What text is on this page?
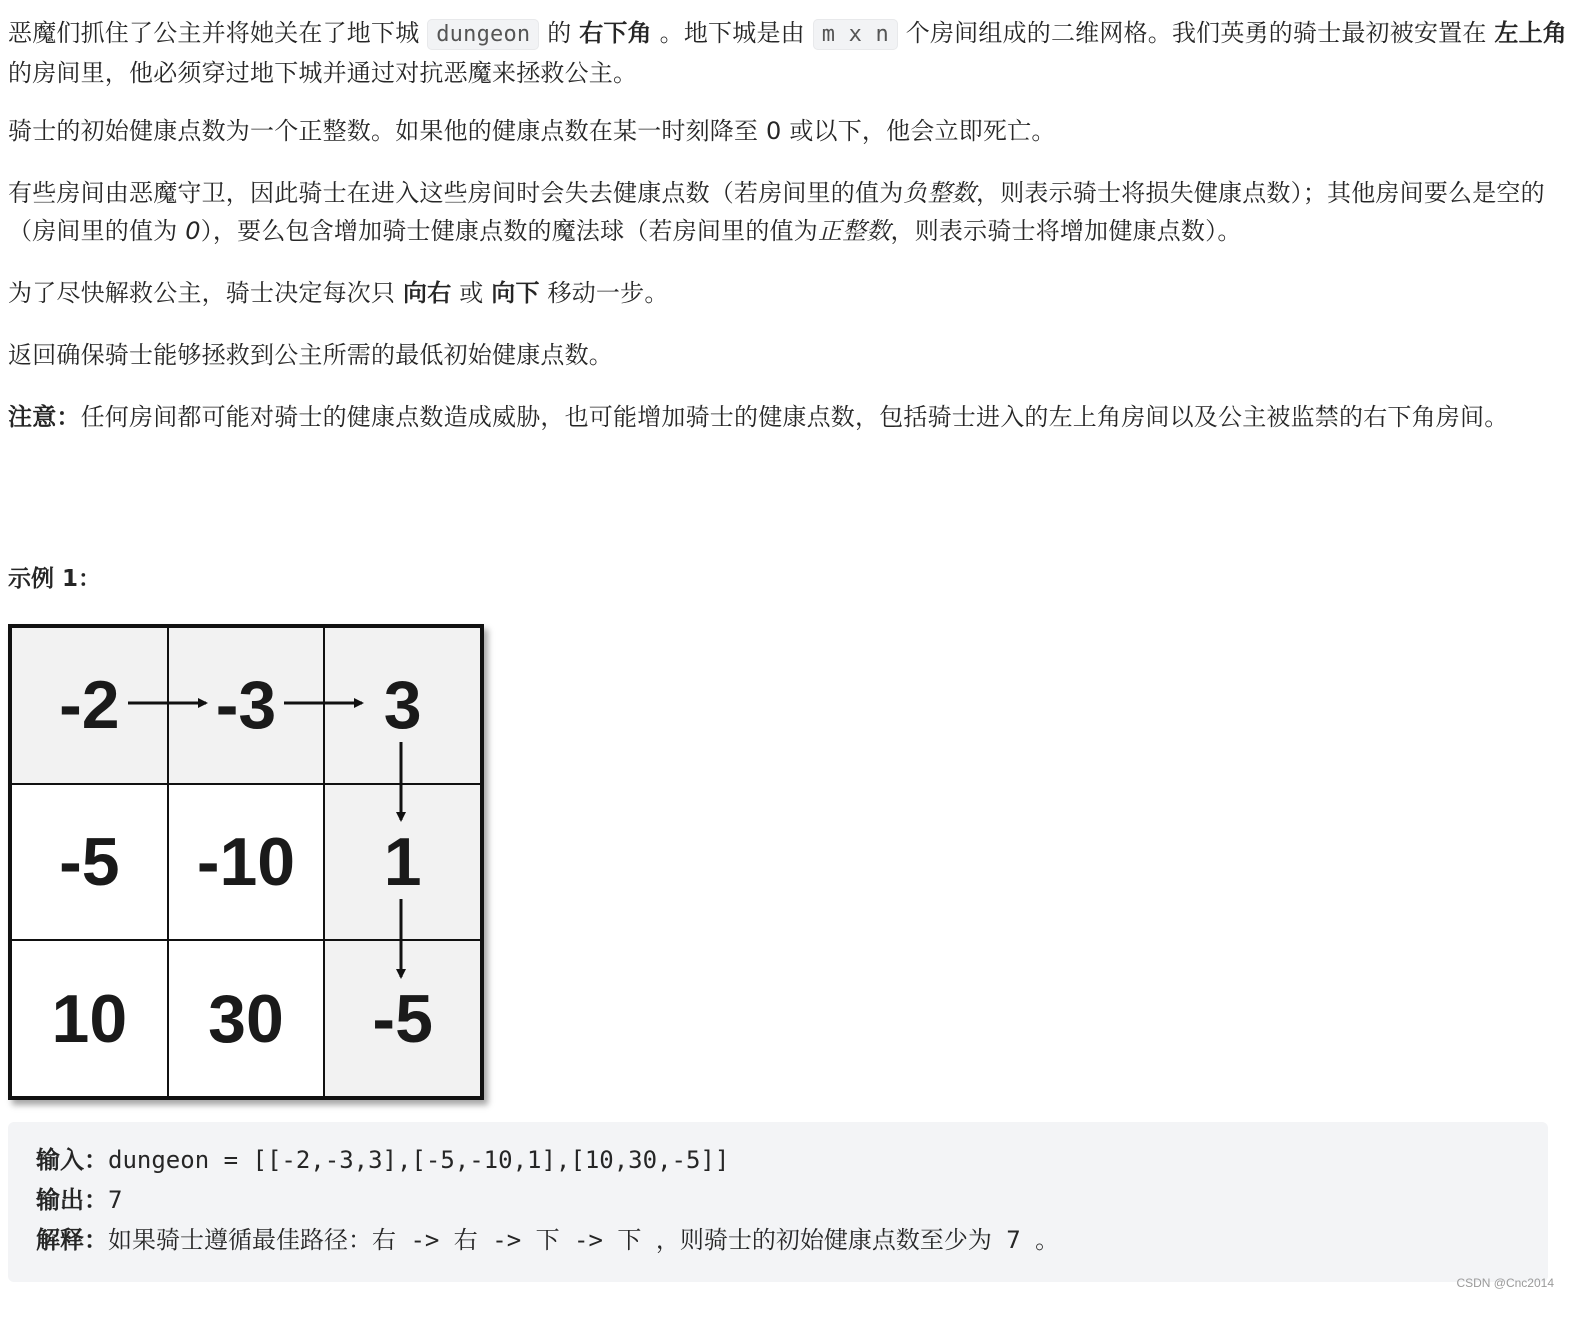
恶魔们抓住了公主并将她关在了地下城 dungeon 的 右下角 。地下城是由 m x n 个房间组成的二维网格。我们英勇的骑士最初被安置在 左上角 的房间里，他必须穿过地下城并通过对抗恶魔来拯救公主。
骑士的初始健康点数为一个正整数。如果他的健康点数在某一时刻降至 0 或以下，他会立即死亡。
有些房间由恶魔守卫，因此骑士在进入这些房间时会失去健康点数（若房间里的值为负整数，则表示骑士将损失健康点数）；其他房间要么是空的（房间里的值为 0），要么包含增加骑士健康点数的魔法球（若房间里的值为正整数，则表示骑士将增加健康点数）。
为了尽快解救公主，骑士决定每次只 向右 或 向下 移动一步。
返回确保骑士能够拯救到公主所需的最低初始健康点数。
注意：任何房间都可能对骑士的健康点数造成威胁，也可能增加骑士的健康点数，包括骑士进入的左上角房间以及公主被监禁的右下角房间。
示例 1：
-2	-3	3
-5	-10	1
10	30	-5
输入：dungeon = [[-2,-3,3],[-5,-10,1],[10,30,-5]]
输出：7
解释：如果骑士遵循最佳路径：右 -> 右 -> 下 -> 下 ，则骑士的初始健康点数至少为 7 。
CSDN @Cnc2014
